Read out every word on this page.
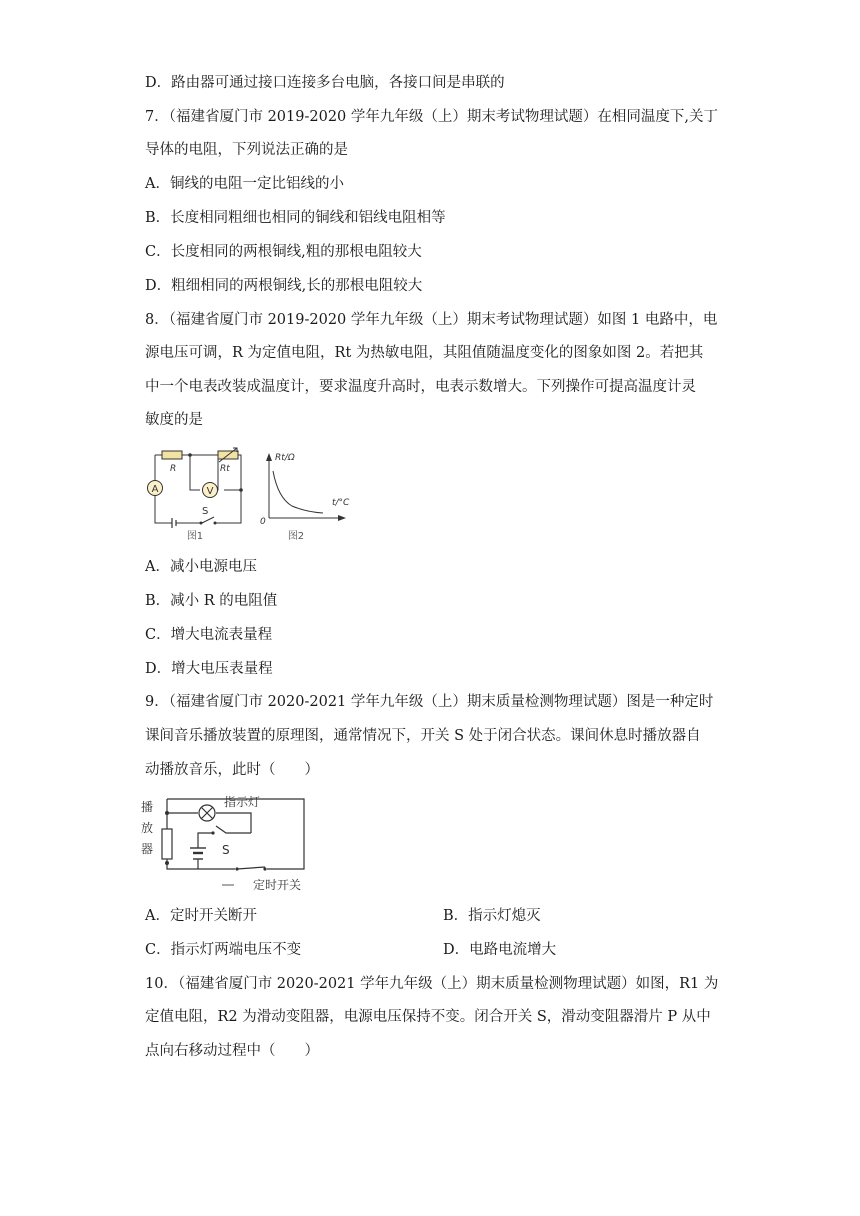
D．路由器可通过接口连接多台电脑，各接口间是串联的
7．（福建省厦门市 2019-2020 学年九年级（上）期末考试物理试题）在相同温度下,关丁
导体的电阻，下列说法正确的是
A．铜线的电阻一定比铝线的小
B．长度相同粗细也相同的铜线和铝线电阻相等
C．长度相同的两根铜线,粗的那根电阻较大
D．粗细相同的两根铜线,长的那根电阻较大
8．（福建省厦门市 2019-2020 学年九年级（上）期末考试物理试题）如图 1 电路中，电
源电压可调，R 为定值电阻，Rt 为热敏电阻，其阻值随温度变化的图象如图 2。若把其
中一个电表改装成温度计，要求温度升高时，电表示数增大。下列操作可提高温度计灵
敏度的是
A	V
R	Rt
S
图1
Rt/Ω
t/°C
0
图2
A．减小电源电压
B．减小 R 的电阻值
C．增大电流表量程
D．增大电压表量程
9．（福建省厦门市 2020-2021 学年九年级（上）期末质量检测物理试题）图是一种定时
课间音乐播放装置的原理图，通常情况下，开关 S 处于闭合状态。课间休息时播放器自
动播放音乐，此时（　　）
指示灯
S
定时开关
播
放
器
A．定时开关断开	B．指示灯熄灭
C．指示灯两端电压不变	D．电路电流增大
10．（福建省厦门市 2020-2021 学年九年级（上）期末质量检测物理试题）如图，R1 为
定值电阻，R2 为滑动变阻器，电源电压保持不变。闭合开关 S，滑动变阻器滑片 P 从中
点向右移动过程中（　　）
